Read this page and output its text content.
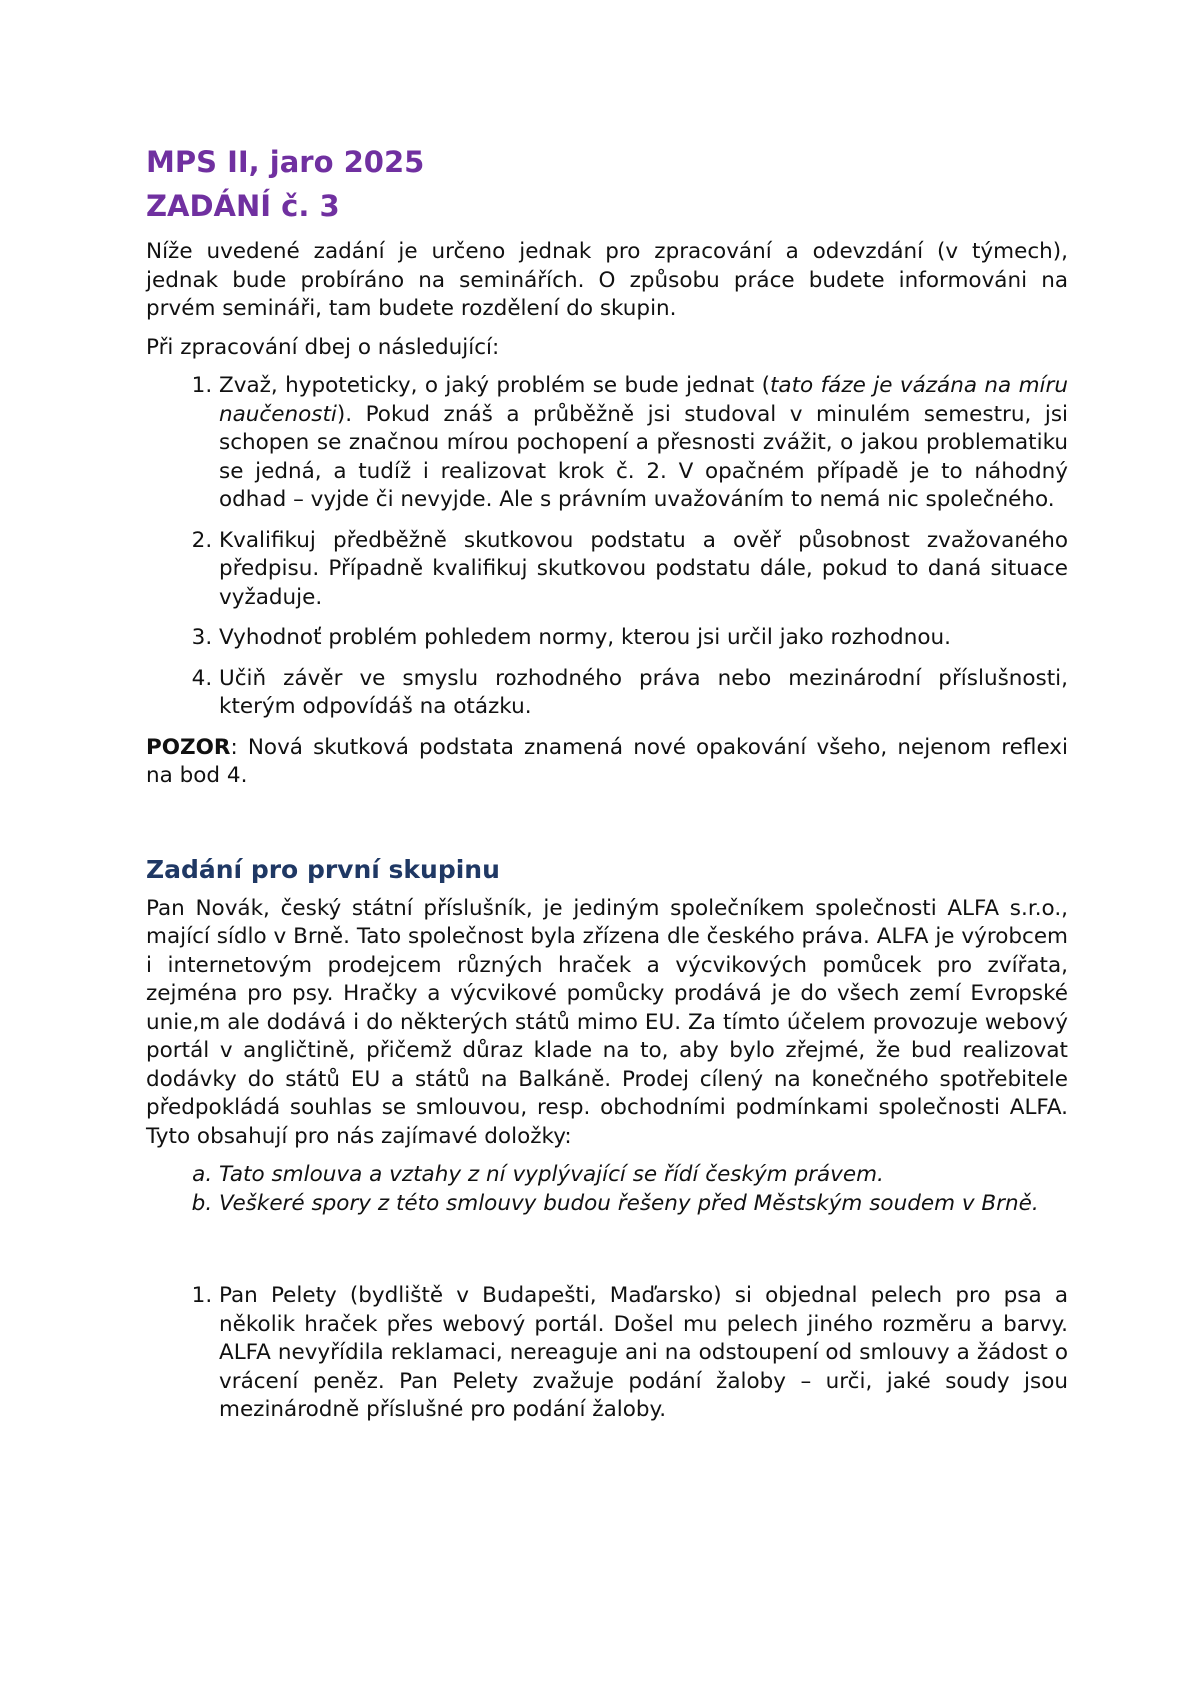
MPS II, jaro 2025
ZADÁNÍ č. 3

Níže uvedené zadání je určeno jednak pro zpracování a odevzdání (v týmech), jednak bude probíráno na seminářích. O způsobu práce budete informováni na prvém semináři, tam budete rozdělení do skupin.

Při zpracování dbej o následující:

1. Zvaž, hypoteticky, o jaký problém se bude jednat (tato fáze je vázána na míru naučenosti). Pokud znáš a průběžně jsi studoval v minulém semestru, jsi schopen se značnou mírou pochopení a přesnosti zvážit, o jakou problematiku se jedná, a tudíž i realizovat krok č. 2. V opačném případě je to náhodný odhad – vyjde či nevyjde. Ale s právním uvažováním to nemá nic společného.
2. Kvalifikuj předběžně skutkovou podstatu a ověř působnost zvažovaného předpisu. Případně kvalifikuj skutkovou podstatu dále, pokud to daná situace vyžaduje.
3. Vyhodnoť problém pohledem normy, kterou jsi určil jako rozhodnou.
4. Učiň závěr ve smyslu rozhodného práva nebo mezinárodní příslušnosti, kterým odpovídáš na otázku.

POZOR: Nová skutková podstata znamená nové opakování všeho, nejenom reflexi na bod 4.

Zadání pro první skupinu

Pan Novák, český státní příslušník, je jediným společníkem společnosti ALFA s.r.o., mající sídlo v Brně. Tato společnost byla zřízena dle českého práva. ALFA je výrobcem i internetovým prodejcem různých hraček a výcvikových pomůcek pro zvířata, zejména pro psy. Hračky a výcvikové pomůcky prodává je do všech zemí Evropské unie,m ale dodává i do některých států mimo EU. Za tímto účelem provozuje webový portál v angličtině, přičemž důraz klade na to, aby bylo zřejmé, že bud realizovat dodávky do států EU a států na Balkáně. Prodej cílený na konečného spotřebitele předpokládá souhlas se smlouvou, resp. obchodními podmínkami společnosti ALFA. Tyto obsahují pro nás zajímavé doložky:

a. Tato smlouva a vztahy z ní vyplývající se řídí českým právem.
b. Veškeré spory z této smlouvy budou řešeny před Městským soudem v Brně.
1. Pan Pelety (bydliště v Budapešti, Maďarsko) si objednal pelech pro psa a několik hraček přes webový portál. Došel mu pelech jiného rozměru a barvy. ALFA nevyřídila reklamaci, nereaguje ani na odstoupení od smlouvy a žádost o vrácení peněz. Pan Pelety zvažuje podání žaloby – urči, jaké soudy jsou mezinárodně příslušné pro podání žaloby.
